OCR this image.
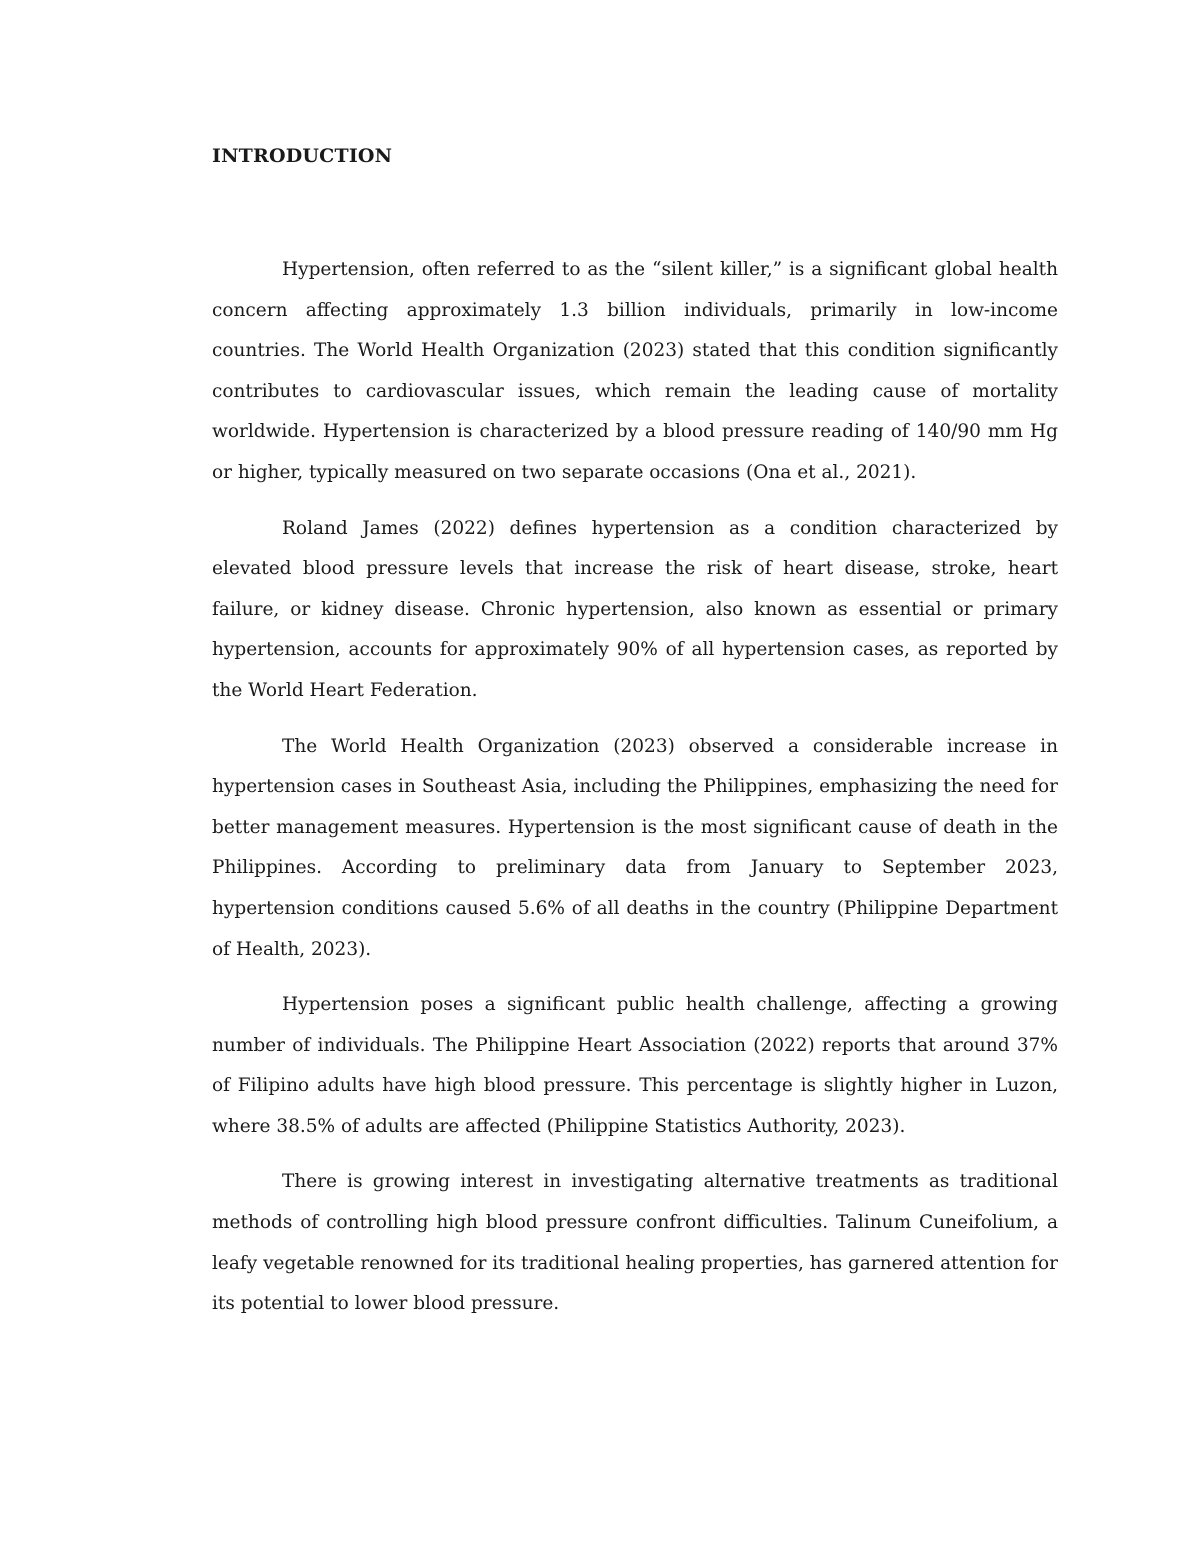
INTRODUCTION

Hypertension, often referred to as the “silent killer,” is a significant global health concern affecting approximately 1.3 billion individuals, primarily in low-income countries. The World Health Organization (2023) stated that this condition significantly contributes to cardiovascular issues, which remain the leading cause of mortality worldwide. Hypertension is characterized by a blood pressure reading of 140/90 mm Hg or higher, typically measured on two separate occasions (Ona et al., 2021).

Roland James (2022) defines hypertension as a condition characterized by elevated blood pressure levels that increase the risk of heart disease, stroke, heart failure, or kidney disease. Chronic hypertension, also known as essential or primary hypertension, accounts for approximately 90% of all hypertension cases, as reported by the World Heart Federation.

The World Health Organization (2023) observed a considerable increase in hypertension cases in Southeast Asia, including the Philippines, emphasizing the need for better management measures. Hypertension is the most significant cause of death in the Philippines. According to preliminary data from January to September 2023, hypertension conditions caused 5.6% of all deaths in the country (Philippine Department of Health, 2023).

Hypertension poses a significant public health challenge, affecting a growing number of individuals. The Philippine Heart Association (2022) reports that around 37% of Filipino adults have high blood pressure. This percentage is slightly higher in Luzon, where 38.5% of adults are affected (Philippine Statistics Authority, 2023).

There is growing interest in investigating alternative treatments as traditional methods of controlling high blood pressure confront difficulties. Talinum Cuneifolium, a leafy vegetable renowned for its traditional healing properties, has garnered attention for its potential to lower blood pressure.
